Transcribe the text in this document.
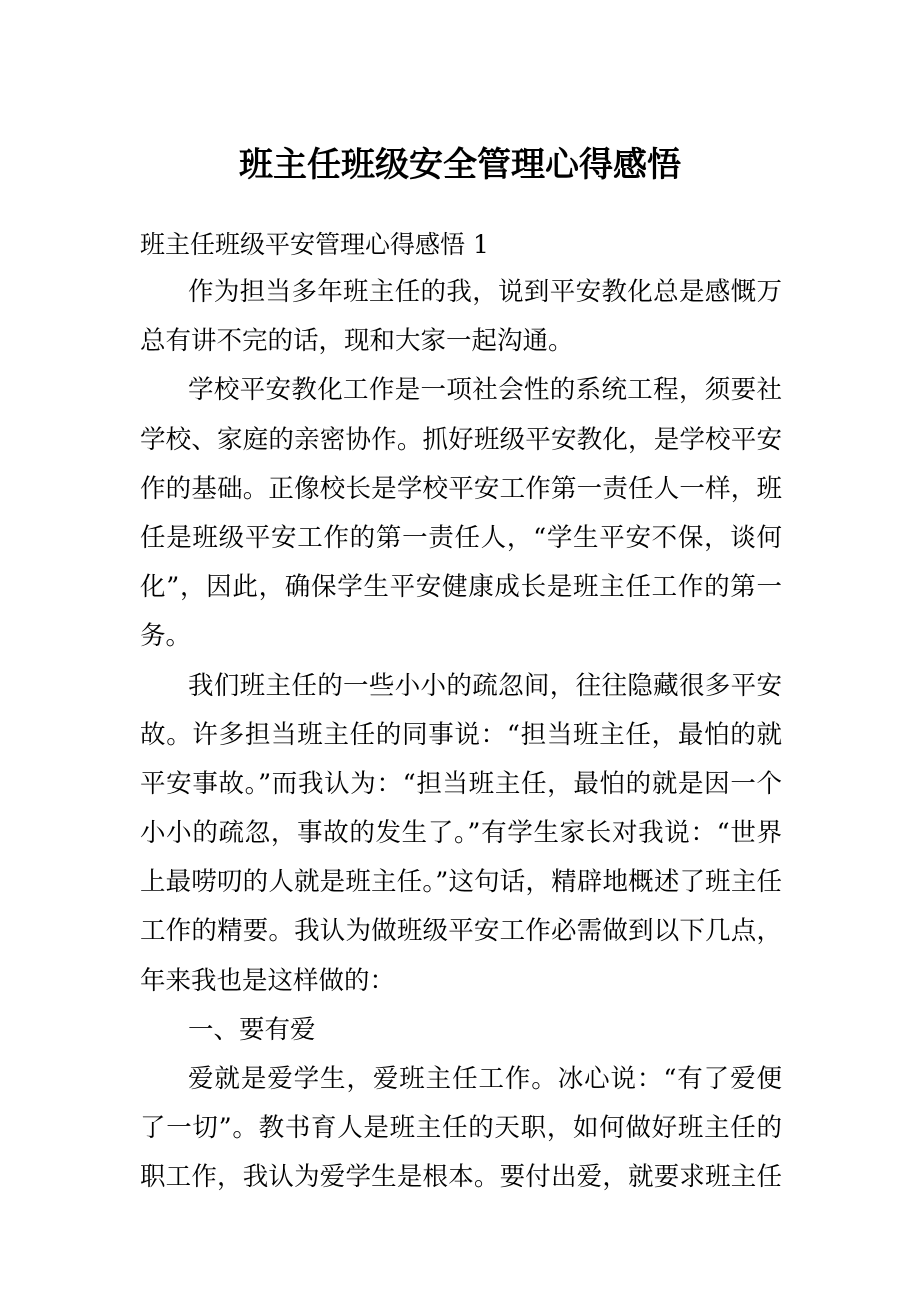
班主任班级安全管理心得感悟
班主任班级平安管理心得感悟 1
作为担当多年班主任的我，说到平安教化总是感慨万
总有讲不完的话，现和大家一起沟通。
学校平安教化工作是一项社会性的系统工程，须要社
学校、家庭的亲密协作。抓好班级平安教化，是学校平安
作的基础。正像校长是学校平安工作第一责任人一样，班
任是班级平安工作的第一责任人，“学生平安不保，谈何
化”，因此，确保学生平安健康成长是班主任工作的第一
务。
我们班主任的一些小小的疏忽间，往往隐藏很多平安
故。许多担当班主任的同事说：“担当班主任，最怕的就
平安事故。”而我认为：“担当班主任，最怕的就是因一个
小小的疏忽，事故的发生了。”有学生家长对我说：“世界
上最唠叨的人就是班主任。”这句话，精辟地概述了班主任
工作的精要。我认为做班级平安工作必需做到以下几点，
年来我也是这样做的：
一、要有爱
爱就是爱学生，爱班主任工作。冰心说：“有了爱便
了一切”。教书育人是班主任的天职，如何做好班主任的
职工作，我认为爱学生是根本。要付出爱，就要求班主任
